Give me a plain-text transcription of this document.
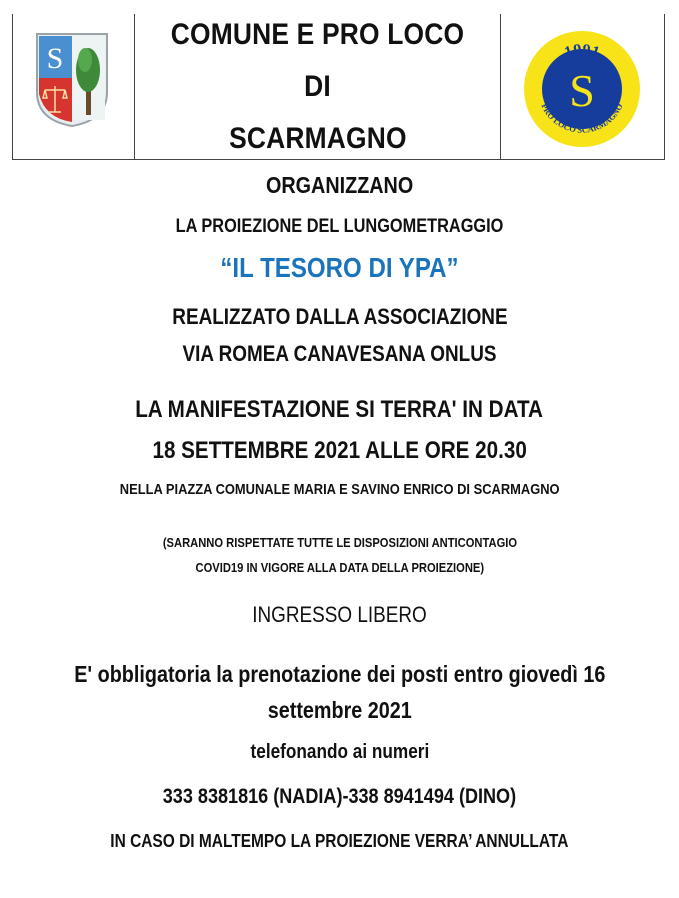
S
COMUNE E PRO LOCO DI
SCARMAGNO
1991
S
PRO LOCO SCARMAGNO
ORGANIZZANO
LA PROIEZIONE DEL LUNGOMETRAGGIO
“IL TESORO DI YPA”
REALIZZATO DALLA ASSOCIAZIONE
VIA ROMEA CANAVESANA ONLUS
LA MANIFESTAZIONE SI TERRA' IN DATA
18 SETTEMBRE 2021 ALLE ORE 20.30
NELLA PIAZZA COMUNALE MARIA E SAVINO ENRICO DI SCARMAGNO
(SARANNO RISPETTATE TUTTE LE DISPOSIZIONI ANTICONTAGIO
COVID19 IN VIGORE ALLA DATA DELLA PROIEZIONE)
INGRESSO LIBERO
E' obbligatoria la prenotazione dei posti entro giovedì 16
settembre 2021
telefonando ai numeri
333 8381816 (NADIA)-338 8941494 (DINO)
IN CASO DI MALTEMPO LA PROIEZIONE VERRA’ ANNULLATA
